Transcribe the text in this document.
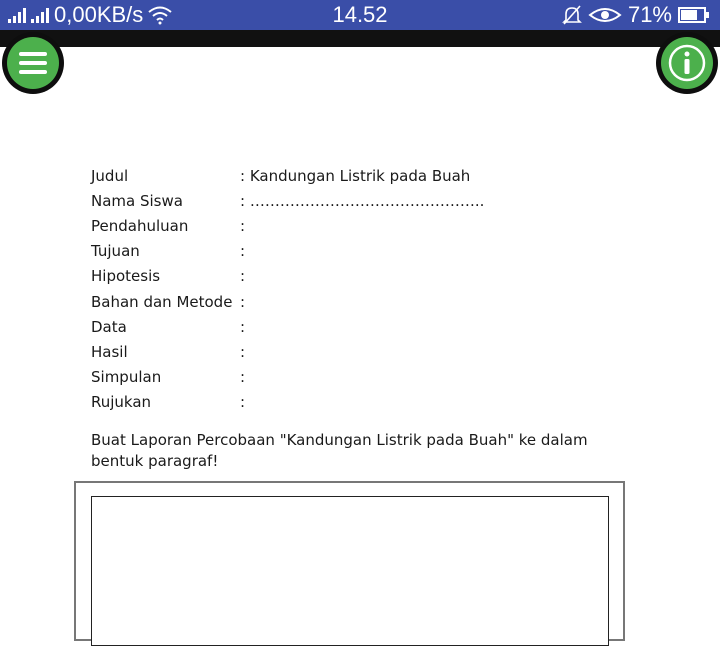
0,00KB/s	14.52	71%
Judul	: Kandungan Listrik pada Buah
Nama Siswa	: ………………………………………..
Pendahuluan	:
Tujuan	:
Hipotesis	:
Bahan dan Metode :
Data	:
Hasil	:
Simpulan	:
Rujukan	:
Buat Laporan Percobaan "Kandungan Listrik pada Buah" ke dalam bentuk paragraf!
